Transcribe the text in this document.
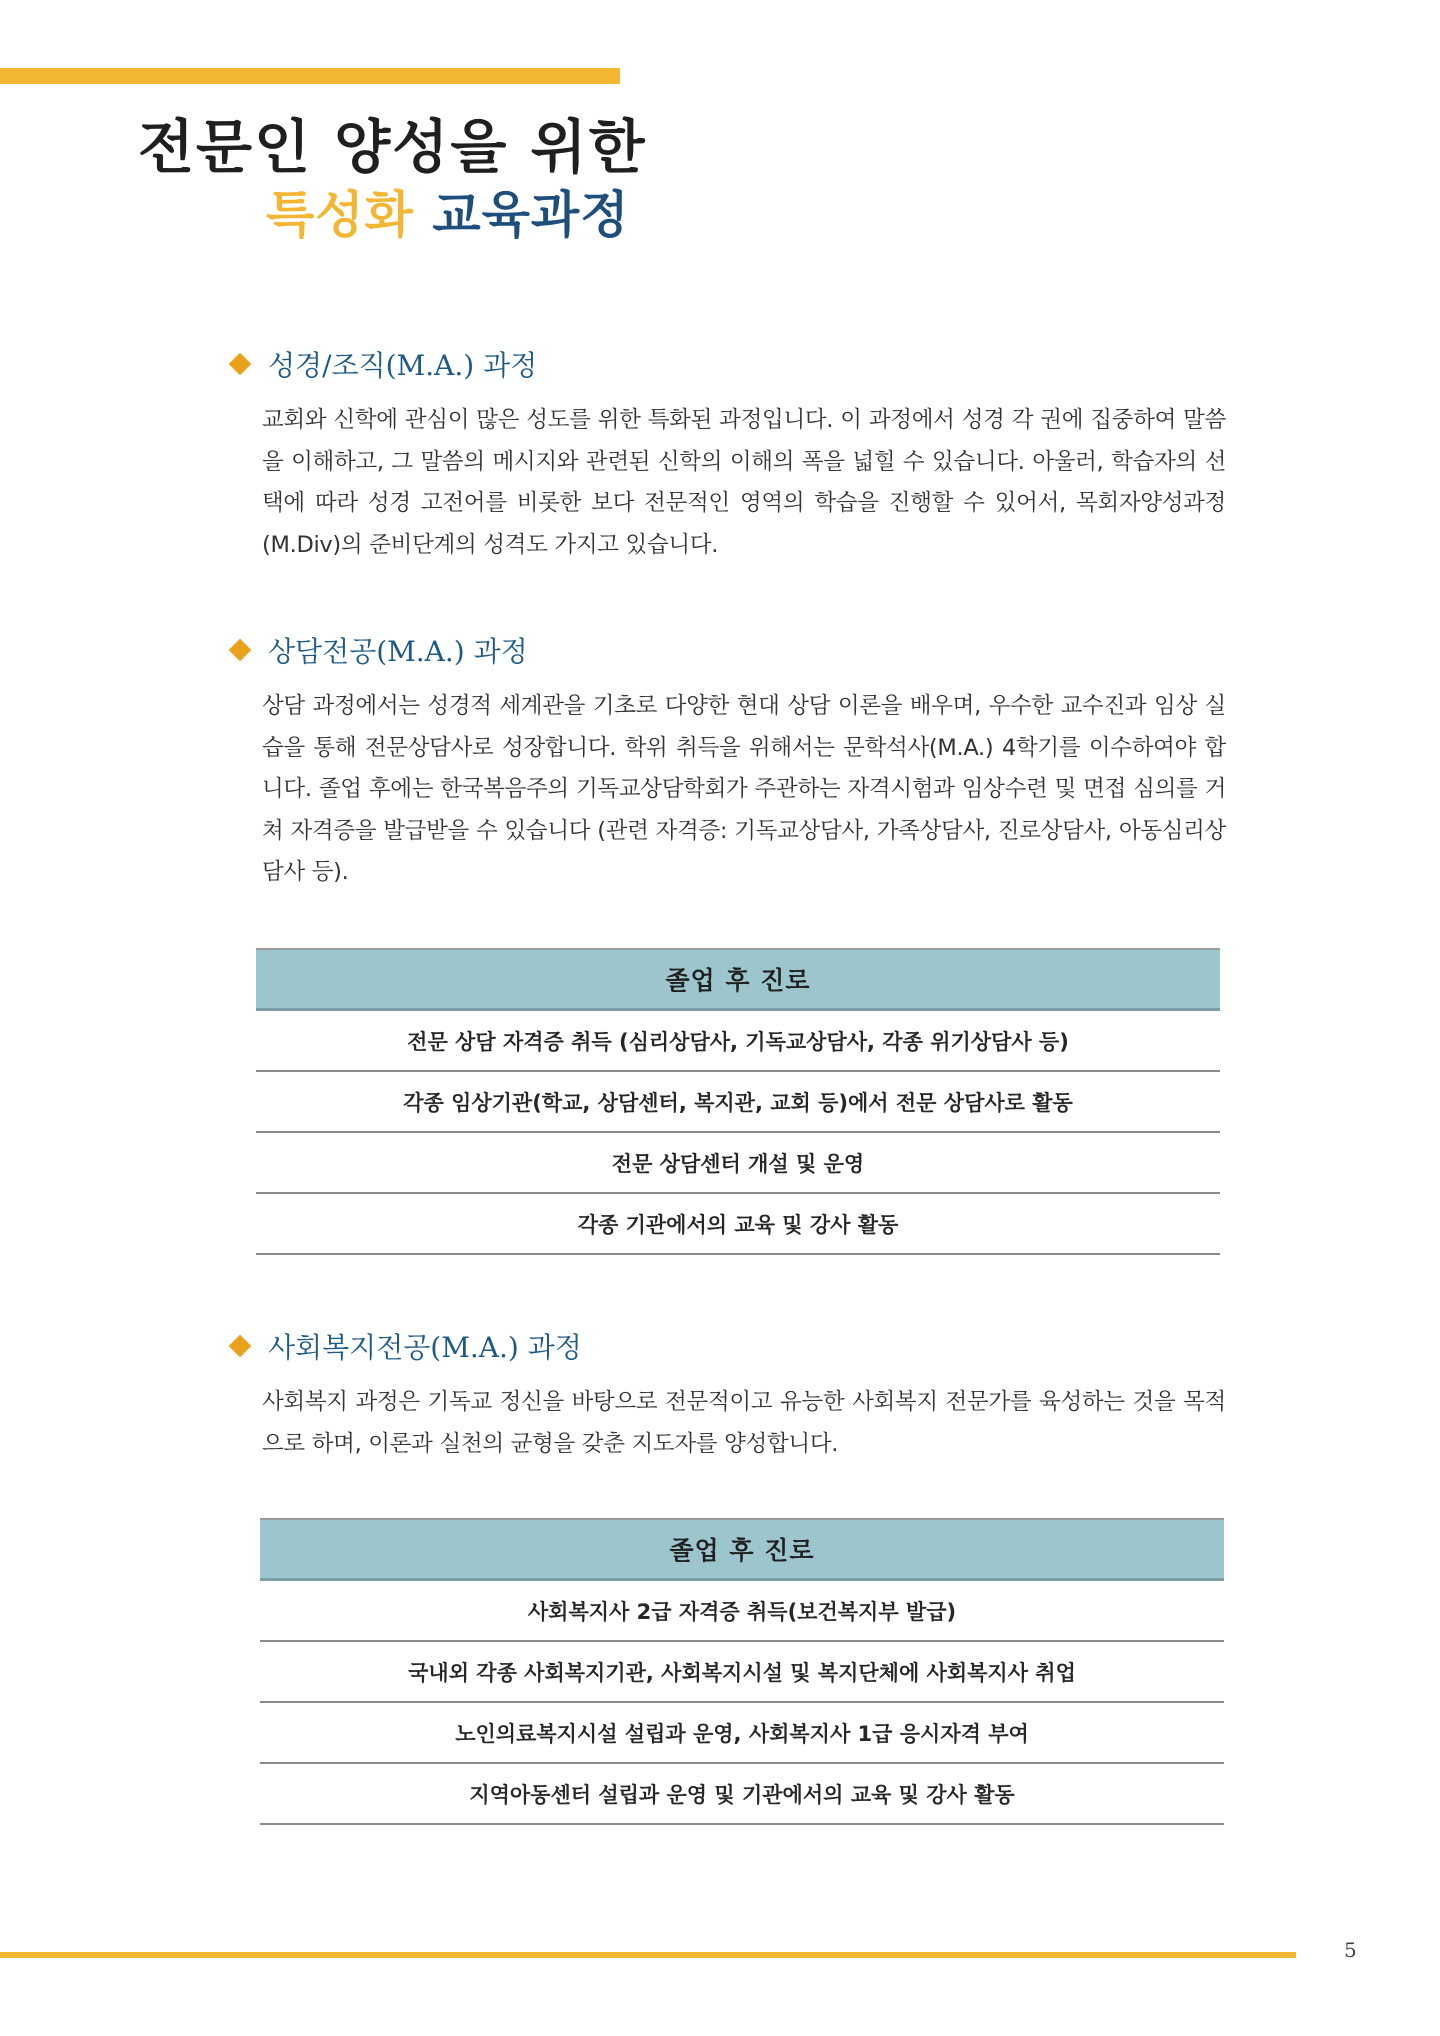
전문인 양성을 위한
특성화 교육과정
성경/조직(M.A.) 과정
교회와 신학에 관심이 많은 성도를 위한 특화된 과정입니다. 이 과정에서 성경 각 권에 집중하여 말씀을 이해하고, 그 말씀의 메시지와 관련된 신학의 이해의 폭을 넓힐 수 있습니다. 아울러, 학습자의 선택에 따라 성경 고전어를 비롯한 보다 전문적인 영역의 학습을 진행할 수 있어서, 목회자양성과정(M.Div)의 준비단계의 성격도 가지고 있습니다.
상담전공(M.A.) 과정
상담 과정에서는 성경적 세계관을 기초로 다양한 현대 상담 이론을 배우며, 우수한 교수진과 임상 실습을 통해 전문상담사로 성장합니다. 학위 취득을 위해서는 문학석사(M.A.) 4학기를 이수하여야 합니다. 졸업 후에는 한국복음주의 기독교상담학회가 주관하는 자격시험과 임상수련 및 면접 심의를 거쳐 자격증을 발급받을 수 있습니다 (관련 자격증: 기독교상담사, 가족상담사, 진로상담사, 아동심리상담사 등).
졸업 후 진로
전문 상담 자격증 취득 (심리상담사, 기독교상담사, 각종 위기상담사 등)
각종 임상기관(학교, 상담센터, 복지관, 교회 등)에서 전문 상담사로 활동
전문 상담센터 개설 및 운영
각종 기관에서의 교육 및 강사 활동
사회복지전공(M.A.) 과정
사회복지 과정은 기독교 정신을 바탕으로 전문적이고 유능한 사회복지 전문가를 육성하는 것을 목적으로 하며, 이론과 실천의 균형을 갖춘 지도자를 양성합니다.
졸업 후 진로
사회복지사 2급 자격증 취득(보건복지부 발급)
국내외 각종 사회복지기관, 사회복지시설 및 복지단체에 사회복지사 취업
노인의료복지시설 설립과 운영, 사회복지사 1급 응시자격 부여
지역아동센터 설립과 운영 및 기관에서의 교육 및 강사 활동
5
